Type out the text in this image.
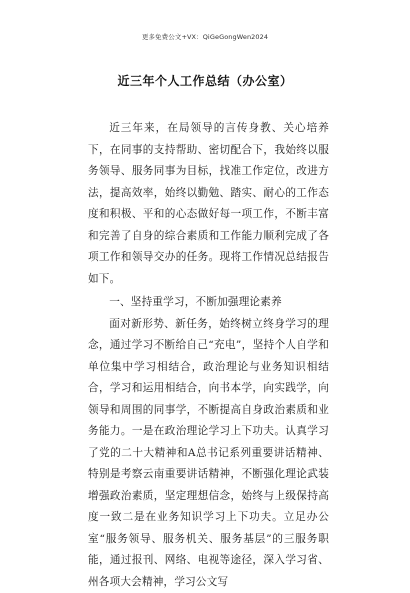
更多免费公文+VX：QiGeGongWen2024
近三年个人工作总结（办公室）

近三年来，在局领导的言传身教、关心培养下，在同事的支持帮助、密切配合下，我始终以服务领导、服务同事为目标，找准工作定位，改进方法，提高效率，始终以勤勉、踏实、耐心的工作态度和积极、平和的心态做好每一项工作，不断丰富和完善了自身的综合素质和工作能力顺利完成了各项工作和领导交办的任务。现将工作情况总结报告如下。

一、坚持重学习，不断加强理论素养

面对新形势、新任务，始终树立终身学习的理念，通过学习不断给自己“充电”，坚持个人自学和单位集中学习相结合，政治理论与业务知识相结合，学习和运用相结合，向书本学，向实践学，向领导和周围的同事学，不断提高自身政治素质和业务能力。一是在政治理论学习上下功夫。认真学习了党的二十大精神和A总书记系列重要讲话精神、特别是考察云南重要讲话精神，不断强化理论武装增强政治素质，坚定理想信念，始终与上级保持高度一致二是在业务知识学习上下功夫。立足办公室“服务领导、服务机关、服务基层”的三服务职能，通过报刊、网络、电视等途径，深入学习省、州各项大会精神，学习公文写
